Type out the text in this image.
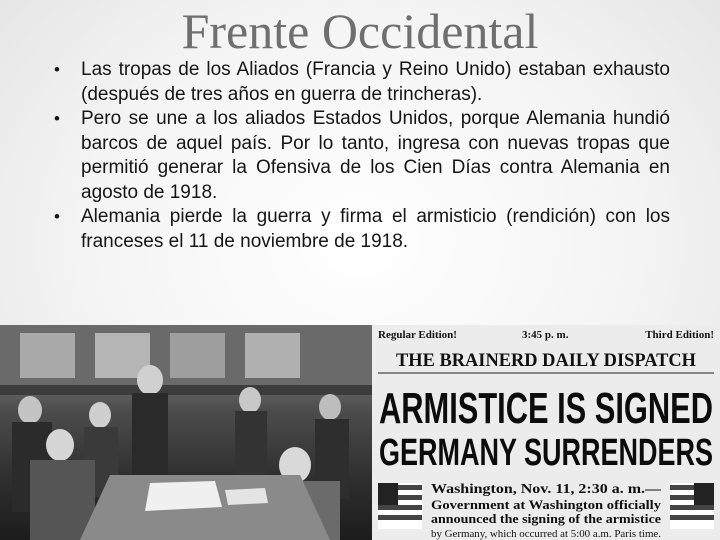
Frente Occidental
• Las tropas de los Aliados (Francia y Reino Unido) estaban exhausto (después de tres años en guerra de trincheras).
• Pero se une a los aliados Estados Unidos, porque Alemania hundió barcos de aquel país. Por lo tanto, ingresa con nuevas tropas que permitió generar la Ofensiva de los Cien Días contra Alemania en agosto de 1918.
• Alemania pierde la guerra y firma el armisticio (rendición) con los franceses el 11 de noviembre de 1918.
Regular Edition!	3:45 p. m.	Third Edition!
THE BRAINERD DAILY DISPATCH
ARMISTICE IS SIGNED
GERMANY SURRENDERS
Washington, Nov. 11, 2:30 a. m.—
Government at Washington officially
announced the signing of the armistice
by Germany, which occurred at 5:00 a.m. Paris time.
